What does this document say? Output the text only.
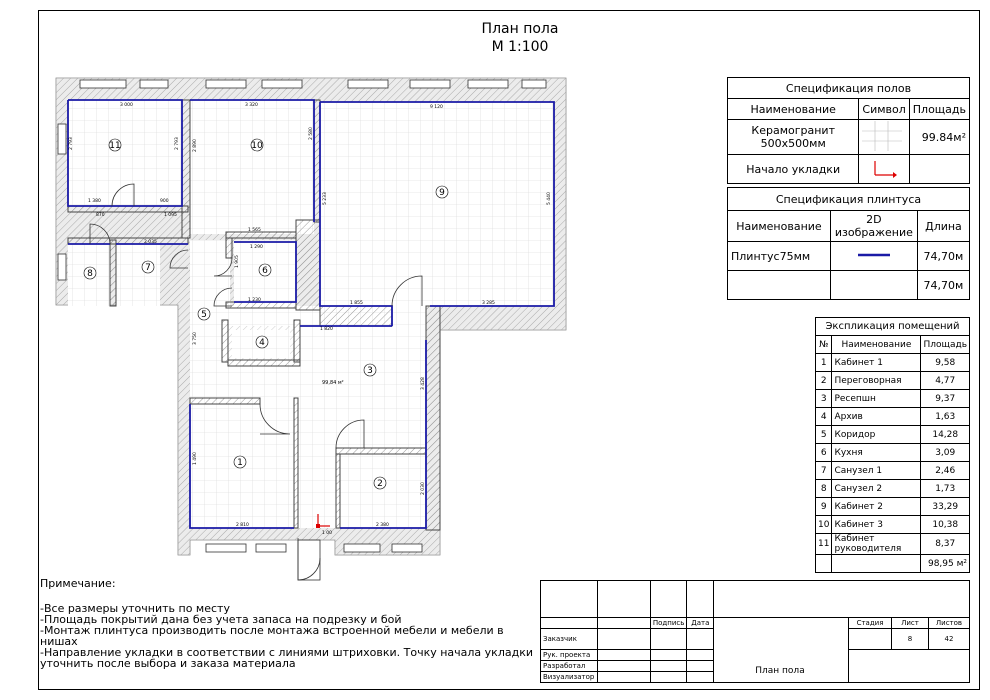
План пола
М 1:100
11	10
9
8
7	6
5
4
3
1
2
3 000	3 320	9 120
1 380	900
870	1 095
2 035
1 565
1 290
1 230
1 820
1 855	3 285
2 810	2 380
1 00
2 793	2 793	2 890
2 580
5 233	5 440
1 905
3 750
3 428
1 490
2 030
99,84 м²
Спецификация полов		
Наименование	Символ	Площадь
Керамогранит 500х500мм		99.84м²
Начало укладки		
Спецификация плинтуса		
Наименование	2D изображение	Длина
Плинтус75мм		74,70м
		74,70м
Экспликация помещений		
№	Наименование	Площадь
1	Кабинет 1	9,58
2	Переговорная	4,77
3	Ресепшн	9,37
4	Архив	1,63
5	Коридор	14,28
6	Кухня	3,09
7	Санузел 1	2,46
8	Санузел 2	1,73
9	Кабинет 2	33,29
10	Кабинет 3	10,38
11	Кабинет руководителя	8,37
		98,95 м²

Примечание:

-Все размеры уточнить по месту

-Площадь покрытий дана без учета запаса на подрезку и бой

-Монтаж плинтуса производить после монтажа встроенной мебели и мебели в нишах

-Направление укладки в соответствии с линиями штриховки. Точку начала укладки уточнить после выбора и заказа материала

		Подпись	Дата		Стадия	Лист	Листов
Заказчик						8	42
Рук. проекта							
Разработал							
Визуализатор							
План пола
